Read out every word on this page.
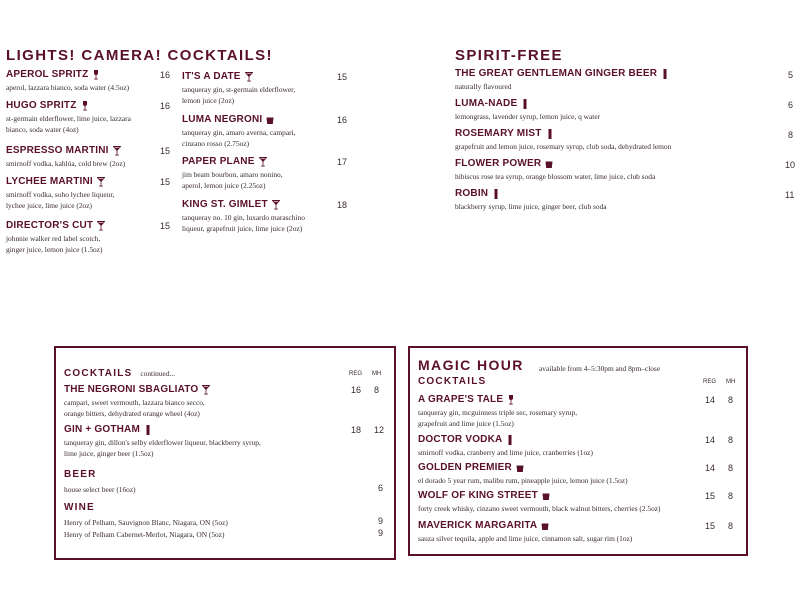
LIGHTS! CAMERA! COCKTAILS!	SPIRIT-FREE
APEROL SPRITZ
aperol, lazzara bianco, soda water (4.5oz)
16
HUGO SPRITZ
st-germain elderflower, lime juice, lazzara
bianco, soda water (4oz)
16
ESPRESSO MARTINI
smirnoff vodka, kahlúa, cold brew (2oz)
15
LYCHEE MARTINI
smirnoff vodka, soho lychee liqueur,
lychee juice, lime juice (2oz)
15
DIRECTOR'S CUT
johnnie walker red label scotch,
ginger juice, lemon juice (1.5oz)
15
IT'S A DATE
tanqueray gin, st-germain elderflower,
lemon juice (2oz)
15
LUMA NEGRONI
tanqueray gin, amaro averna, campari,
cinzano rosso (2.75oz)
16
PAPER PLANE
jim beam bourbon, amaro nonino,
aperol, lemon juice (2.25oz)
17
KING ST. GIMLET
tanqueray no. 10 gin, luxardo maraschino
liqueur, grapefruit juice, lime juice (2oz)
18
THE GREAT GENTLEMAN GINGER BEER
naturally flavoured
5
LUMA-NADE
lemongrass, lavender syrup, lemon juice, q water
6
ROSEMARY MIST
grapefruit and lemon juice, rosemary syrup, club soda, dehydrated lemon
8
FLOWER POWER
hibiscus rose tea syrup, orange blossom water, lime juice, club soda
10
ROBIN
blackberry syrup, lime juice, ginger beer, club soda
11
COCKTAILS continued...	REG MH
THE NEGRONI SBAGLIATO
campari, sweet vermouth, lazzara bianco secco,
orange bitters, dehydrated orange wheel (4oz)
16 8
GIN + GOTHAM
tanqueray gin, dillon's selby elderflower liqueur, blackberry syrup,
lime juice, ginger beer (1.5oz)
18 12
BEER
house select beer (16oz)	6
WINE
Henry of Pelham, Sauvignon Blanc, Niagara, ON (5oz)	9
Henry of Pelham Cabernet-Merlot, Niagara, ON (5oz)	9
MAGIC HOUR available from 4–5:30pm and 8pm–close
COCKTAILS	REG MH
A GRAPE'S TALE
tanqueray gin, mcguinness triple sec, rosemary syrup,
grapefruit and lime juice (1.5oz)
14 8
DOCTOR VODKA
smirnoff vodka, cranberry and lime juice, cranberries (1oz)
14 8
GOLDEN PREMIER
el dorado 5 year rum, malibu rum, pineapple juice, lemon juice (1.5oz)
14 8
WOLF OF KING STREET
forty creek whisky, cinzano sweet vermouth, black walnut bitters, cherries (2.5oz)
15 8
MAVERICK MARGARITA
sauza silver tequila, apple and lime juice, cinnamon salt, sugar rim (1oz)
15 8
